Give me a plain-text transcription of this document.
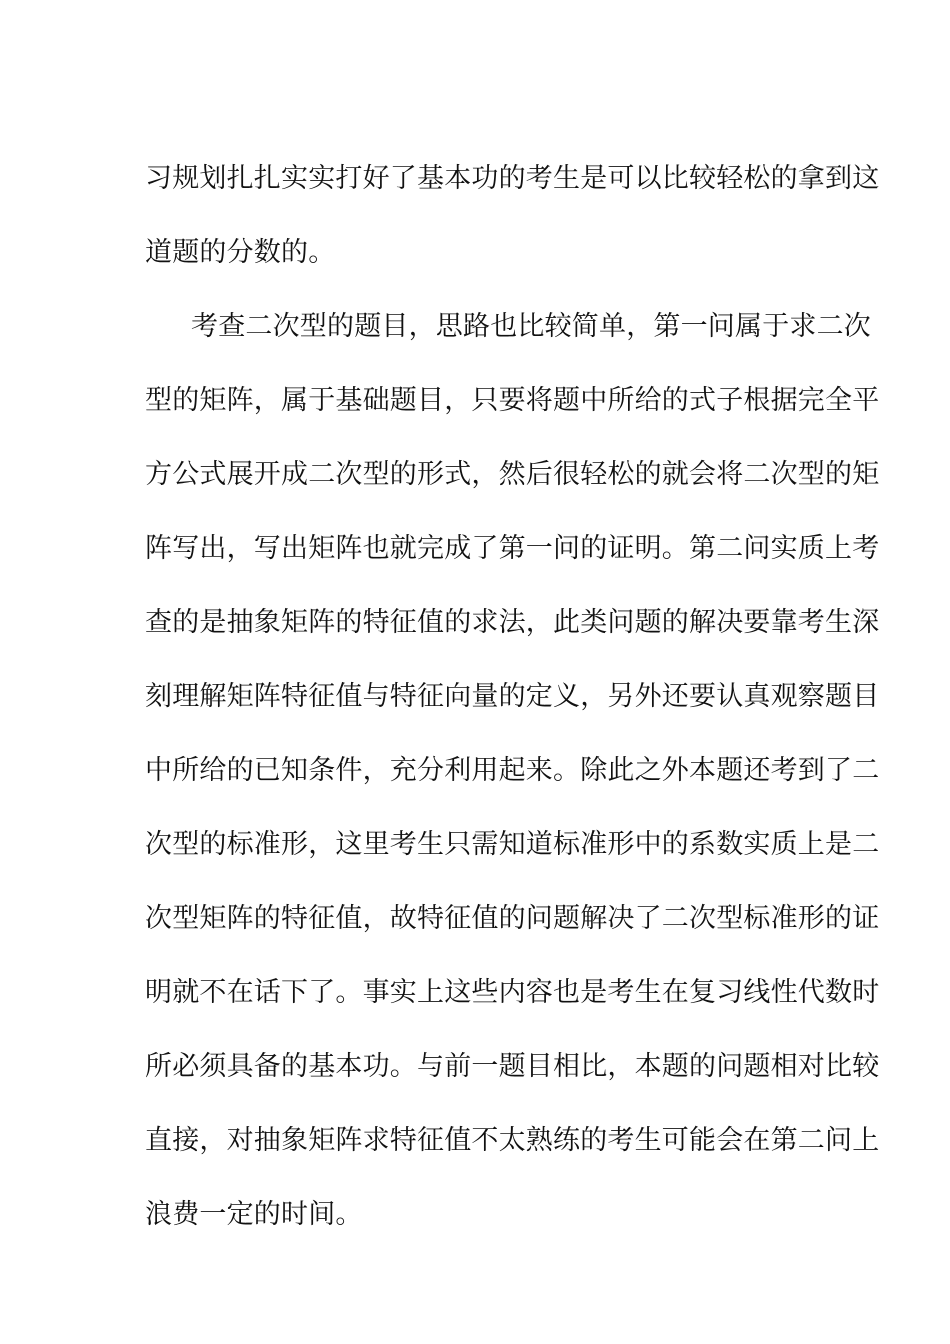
习规划扎扎实实打好了基本功的考生是可以比较轻松的拿到这

道题的分数的。

考查二次型的题目，思路也比较简单，第一问属于求二次

型的矩阵，属于基础题目，只要将题中所给的式子根据完全平

方公式展开成二次型的形式，然后很轻松的就会将二次型的矩

阵写出，写出矩阵也就完成了第一问的证明。第二问实质上考

查的是抽象矩阵的特征值的求法，此类问题的解决要靠考生深

刻理解矩阵特征值与特征向量的定义，另外还要认真观察题目

中所给的已知条件，充分利用起来。除此之外本题还考到了二

次型的标准形，这里考生只需知道标准形中的系数实质上是二

次型矩阵的特征值，故特征值的问题解决了二次型标准形的证

明就不在话下了。事实上这些内容也是考生在复习线性代数时

所必须具备的基本功。与前一题目相比，本题的问题相对比较

直接，对抽象矩阵求特征值不太熟练的考生可能会在第二问上

浪费一定的时间。
